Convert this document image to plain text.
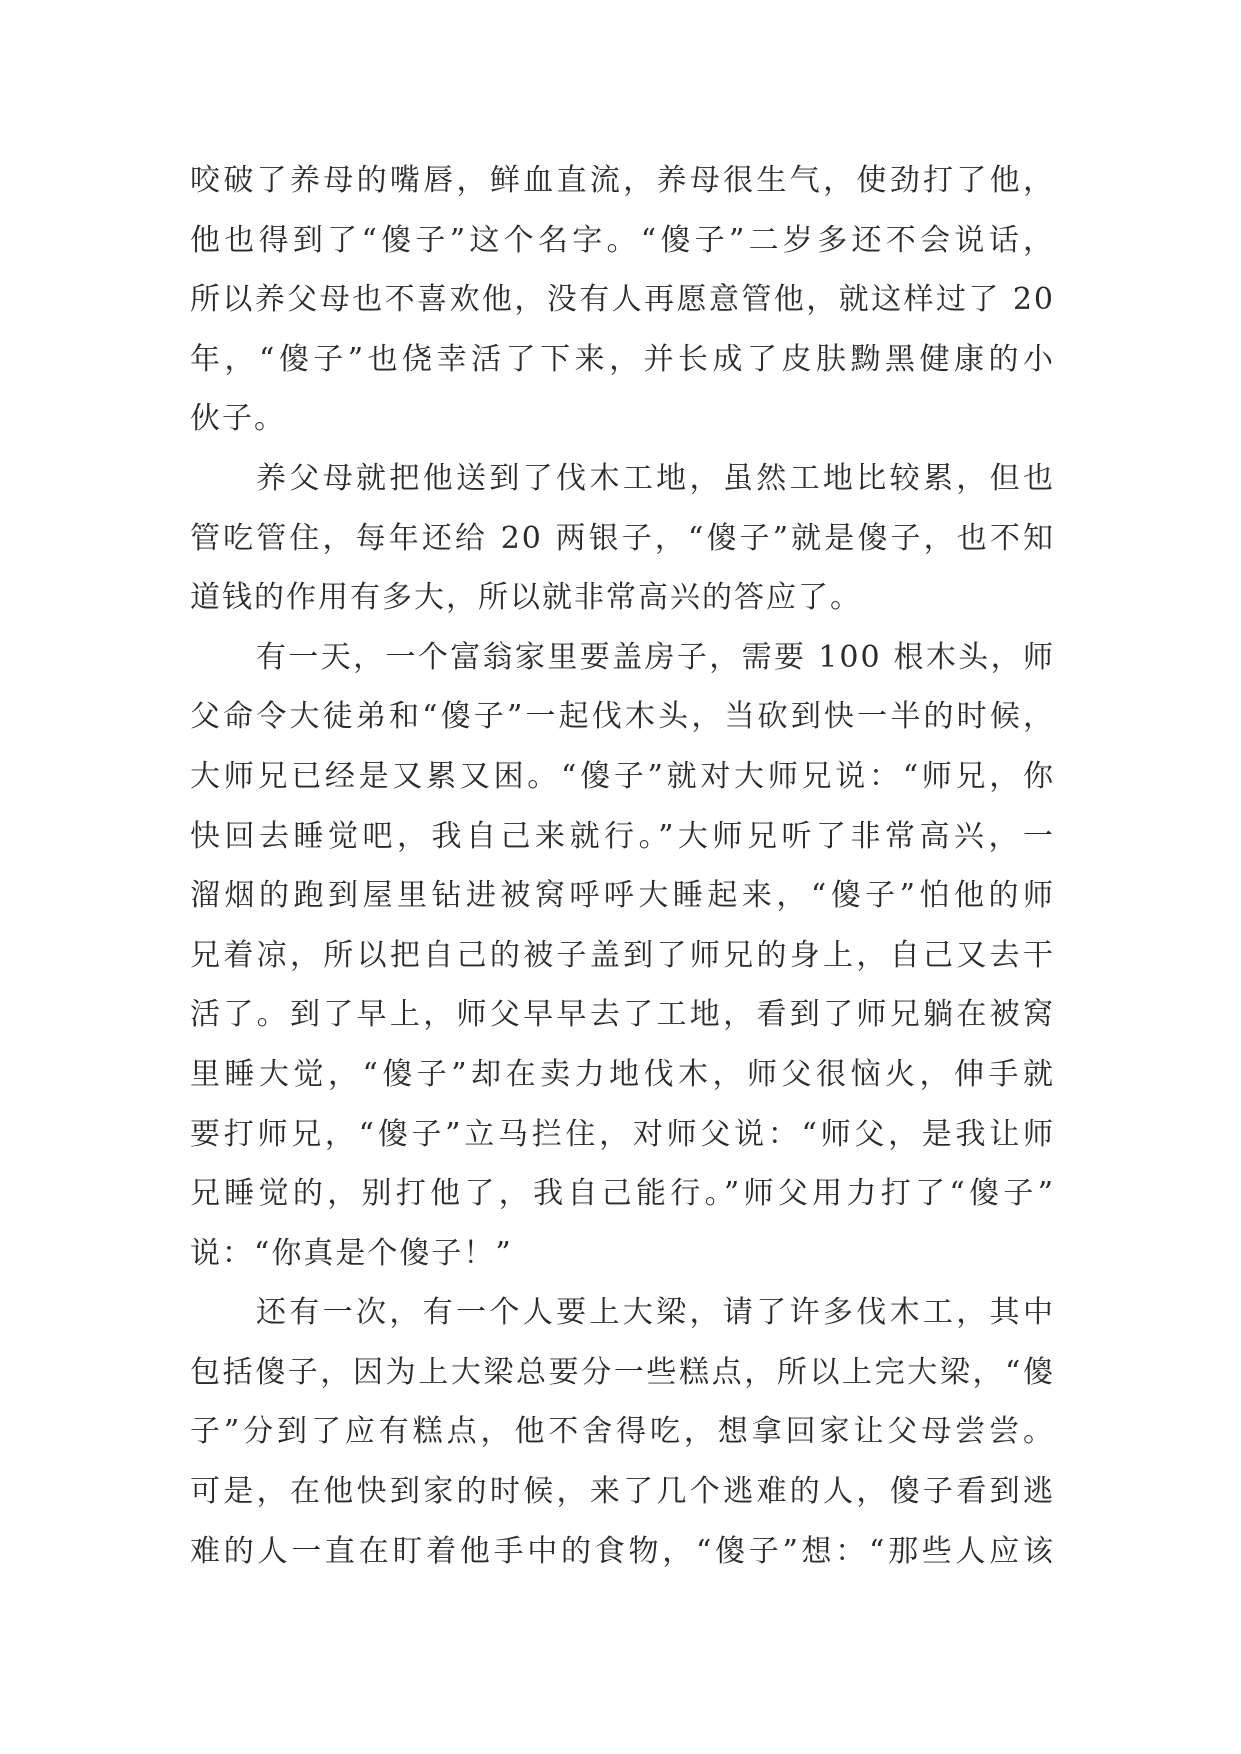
咬破了养母的嘴唇，鲜血直流，养母很生气，使劲打了他，
他也得到了“傻子”这个名字。“傻子”二岁多还不会说话，
所以养父母也不喜欢他，没有人再愿意管他，就这样过了 20
年，“傻子”也侥幸活了下来，并长成了皮肤黝黑健康的小
伙子。
养父母就把他送到了伐木工地，虽然工地比较累，但也
管吃管住，每年还给 20 两银子，“傻子”就是傻子，也不知
道钱的作用有多大，所以就非常高兴的答应了。
有一天，一个富翁家里要盖房子，需要 100 根木头，师
父命令大徒弟和“傻子”一起伐木头，当砍到快一半的时候，
大师兄已经是又累又困。“傻子”就对大师兄说：“师兄，你
快回去睡觉吧，我自己来就行。”大师兄听了非常高兴，一
溜烟的跑到屋里钻进被窝呼呼大睡起来，“傻子”怕他的师
兄着凉，所以把自己的被子盖到了师兄的身上，自己又去干
活了。到了早上，师父早早去了工地，看到了师兄躺在被窝
里睡大觉，“傻子”却在卖力地伐木，师父很恼火，伸手就
要打师兄，“傻子”立马拦住，对师父说：“师父，是我让师
兄睡觉的，别打他了，我自己能行。”师父用力打了“傻子”
说：“你真是个傻子！”
还有一次，有一个人要上大梁，请了许多伐木工，其中
包括傻子，因为上大梁总要分一些糕点，所以上完大梁，“傻
子”分到了应有糕点，他不舍得吃，想拿回家让父母尝尝。
可是，在他快到家的时候，来了几个逃难的人，傻子看到逃
难的人一直在盯着他手中的食物，“傻子”想：“那些人应该
